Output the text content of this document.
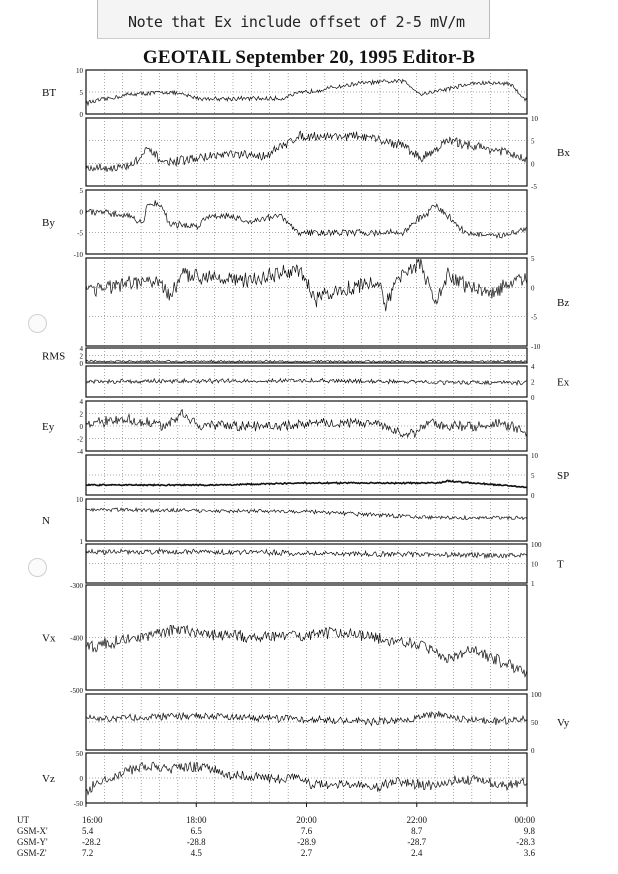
Note that Ex include offset of 2-5 mV/m
GEOTAIL September 20, 1995 Editor-B
10
5
0
BT
10
5
0
-5
Bx
5
0
-5
-10
By
5
0
-5
-10
Bz
4
2
0
RMS
4
2
0
Ex
4
2
0
-2
-4
Ey
10
5
0
SP
10
1
N
100
10
1
T
-300
-400
-500
Vx
100
50
0
Vy
50
0
-50
Vz
UT	16:00	18:00	20:00	22:00	00:00
GSM-X'	5.4	6.5	7.6	8.7	9.8
GSM-Y'	-28.2	-28.8	-28.9	-28.7	-28.3
GSM-Z'	7.2	4.5	2.7	2.4	3.6
